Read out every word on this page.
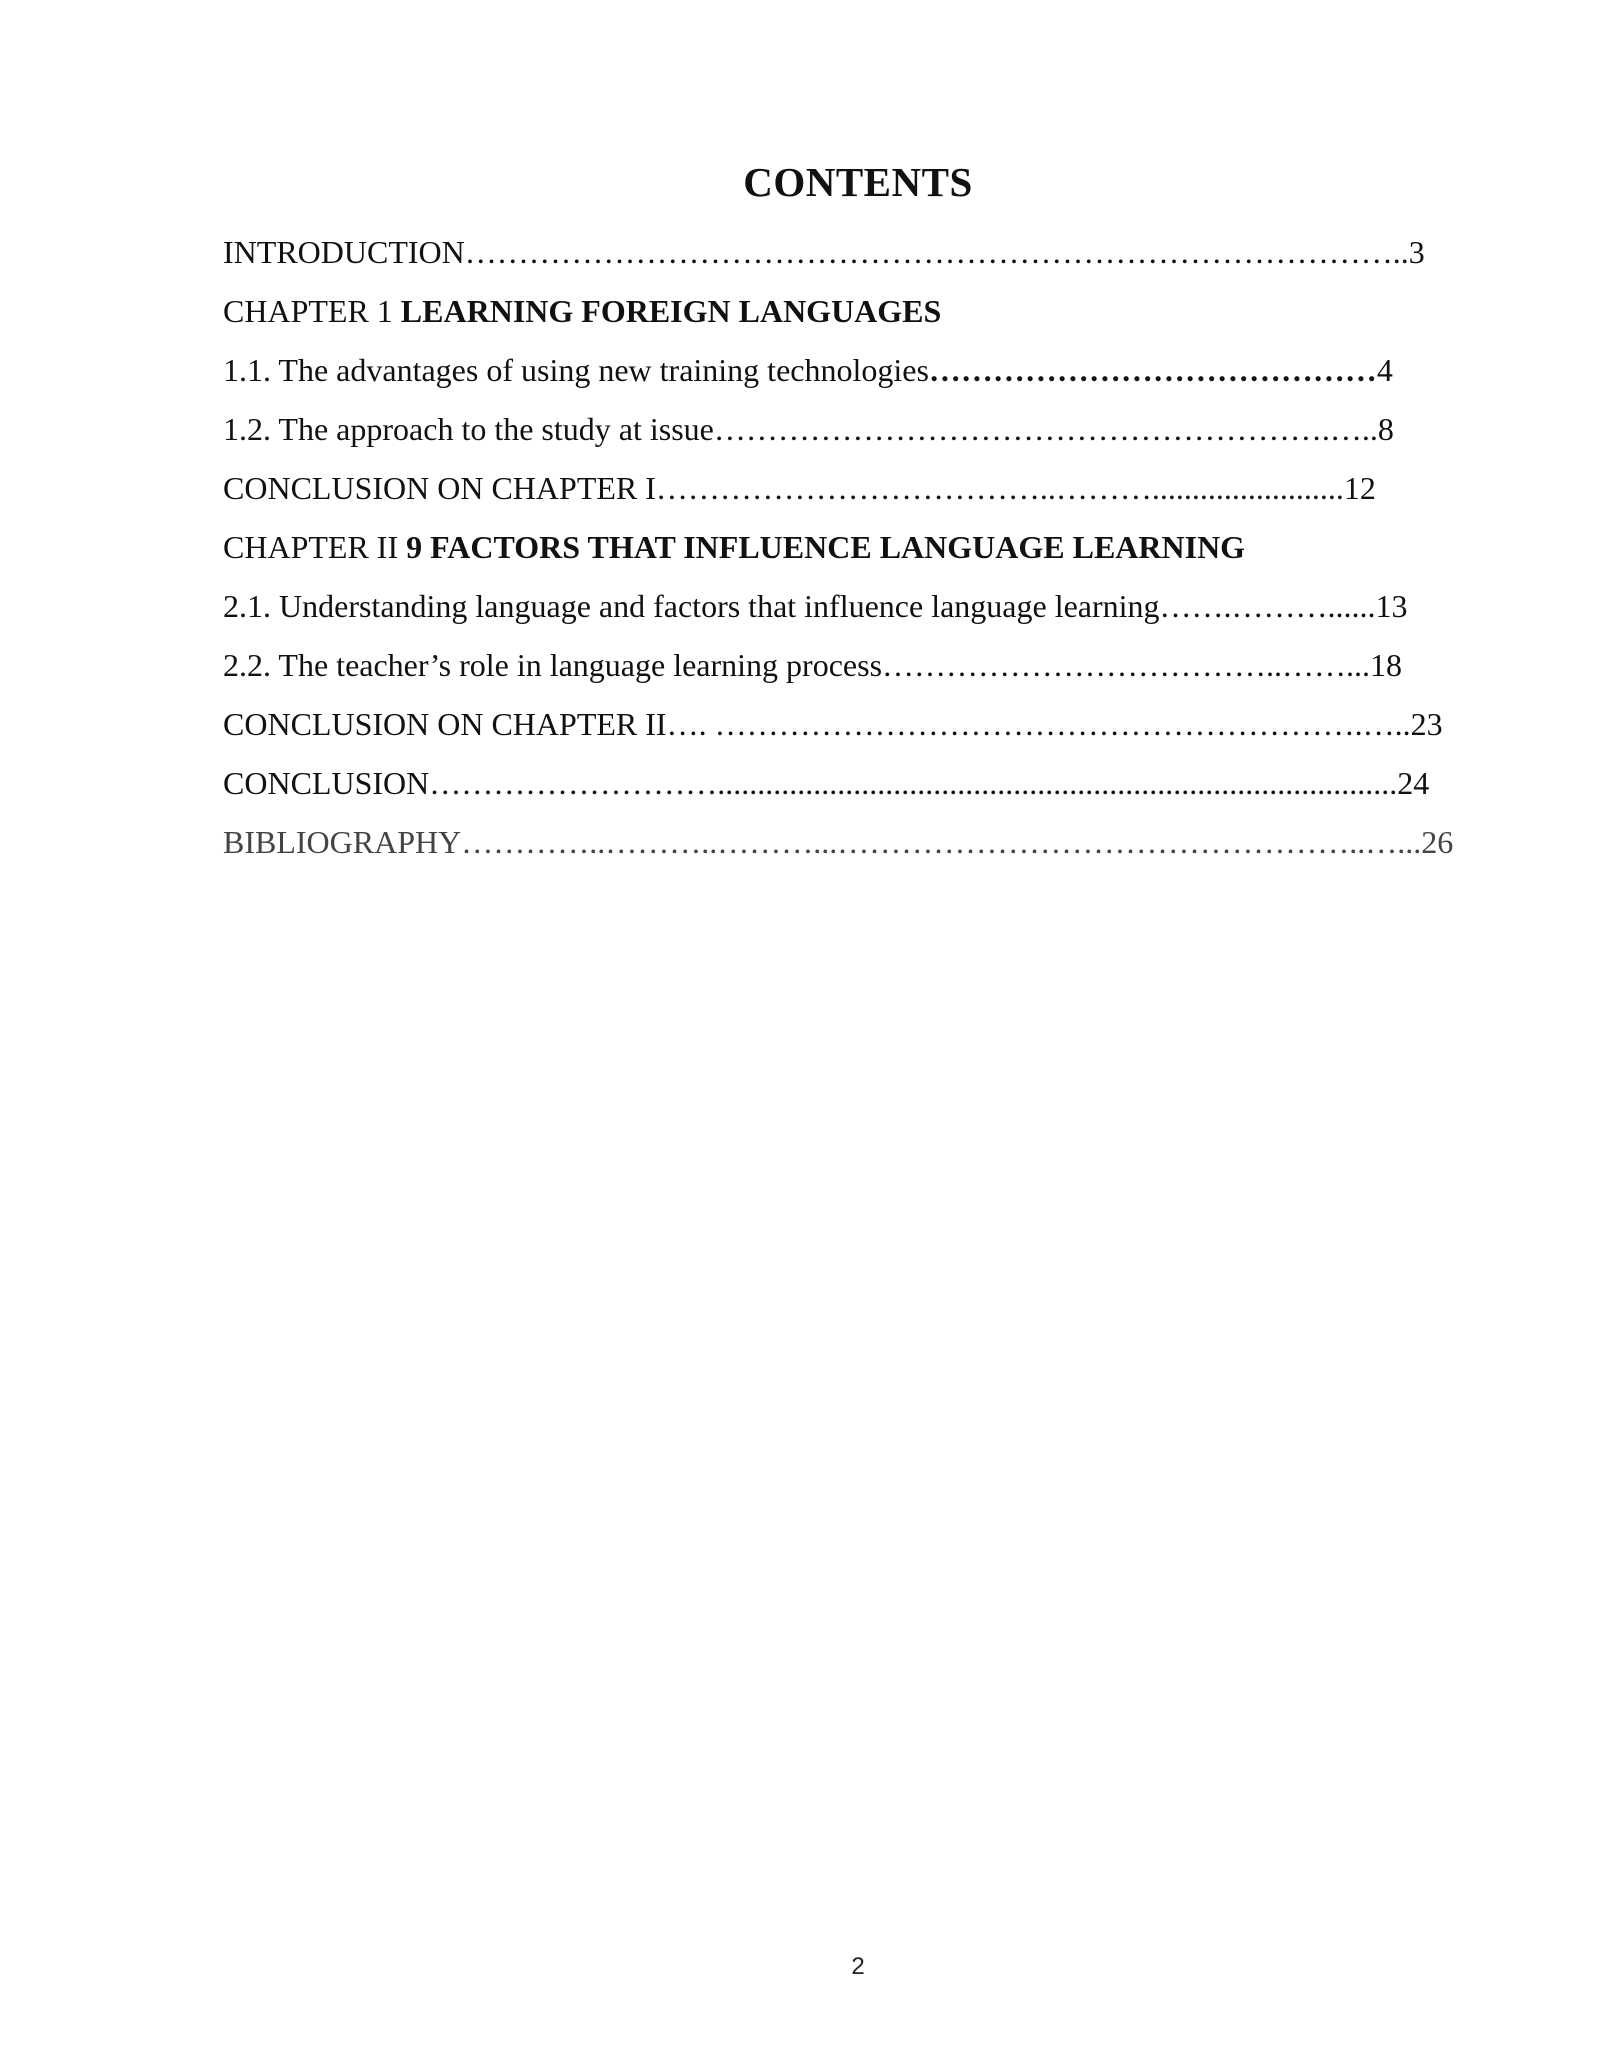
CONTENTS
INTRODUCTION……………………………………………………………………………..3
CHAPTER 1 LEARNING FOREIGN LANGUAGES
1.1. The advantages of using new training technologies……………………………………4
1.2. The approach to the study at issue………………………………………………….…..8
CONCLUSION ON CHAPTER I………………………………..………........................12
CHAPTER II 9 FACTORS THAT INFLUENCE LANGUAGE LEARNING
2.1. Understanding language and factors that influence language learning…….………......13
2.2. The teacher’s role in language learning process………………………………..……...18
CONCLUSION ON CHAPTER II…. …………………………………………………….…..23
CONCLUSION……………………….....................................................................................24
BIBLIOGRAPHY…………..………..………...…………………………………………..…...26
2
